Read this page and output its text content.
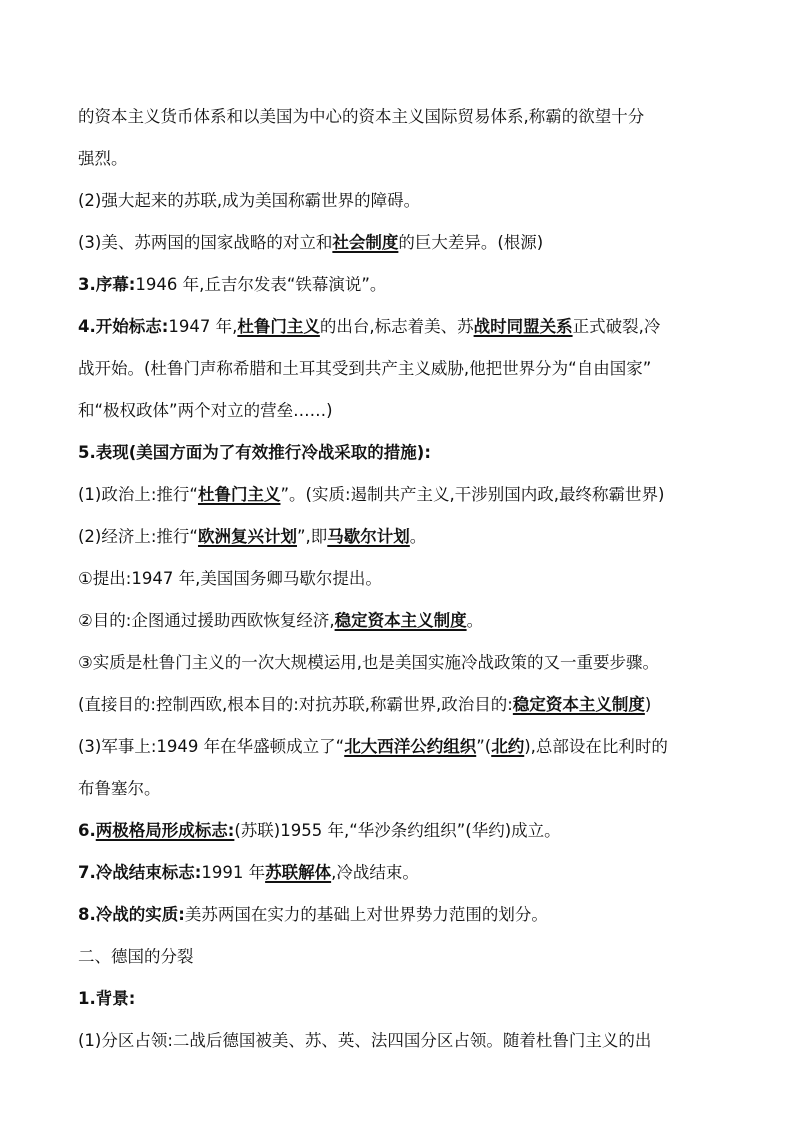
的资本主义货币体系和以美国为中心的资本主义国际贸易体系,称霸的欲望十分
强烈。
(2)强大起来的苏联,成为美国称霸世界的障碍。
(3)美、苏两国的国家战略的对立和社会制度的巨大差异。(根源)
3.序幕:1946 年,丘吉尔发表“铁幕演说”。
4.开始标志:1947 年,杜鲁门主义的出台,标志着美、苏战时同盟关系正式破裂,冷
战开始。(杜鲁门声称希腊和土耳其受到共产主义威胁,他把世界分为“自由国家”
和“极权政体”两个对立的营垒……)
5.表现(美国方面为了有效推行冷战采取的措施):
(1)政治上:推行“杜鲁门主义”。(实质:遏制共产主义,干涉别国内政,最终称霸世界)
(2)经济上:推行“欧洲复兴计划”,即马歇尔计划。
①提出:1947 年,美国国务卿马歇尔提出。
②目的:企图通过援助西欧恢复经济,稳定资本主义制度。
③实质是杜鲁门主义的一次大规模运用,也是美国实施冷战政策的又一重要步骤。
(直接目的:控制西欧,根本目的:对抗苏联,称霸世界,政治目的:稳定资本主义制度)
(3)军事上:1949 年在华盛顿成立了“北大西洋公约组织”(北约),总部设在比利时的
布鲁塞尔。
6.两极格局形成标志:(苏联)1955 年,“华沙条约组织”(华约)成立。
7.冷战结束标志:1991 年苏联解体,冷战结束。
8.冷战的实质:美苏两国在实力的基础上对世界势力范围的划分。
二、德国的分裂
1.背景:
(1)分区占领:二战后德国被美、苏、英、法四国分区占领。随着杜鲁门主义的出
